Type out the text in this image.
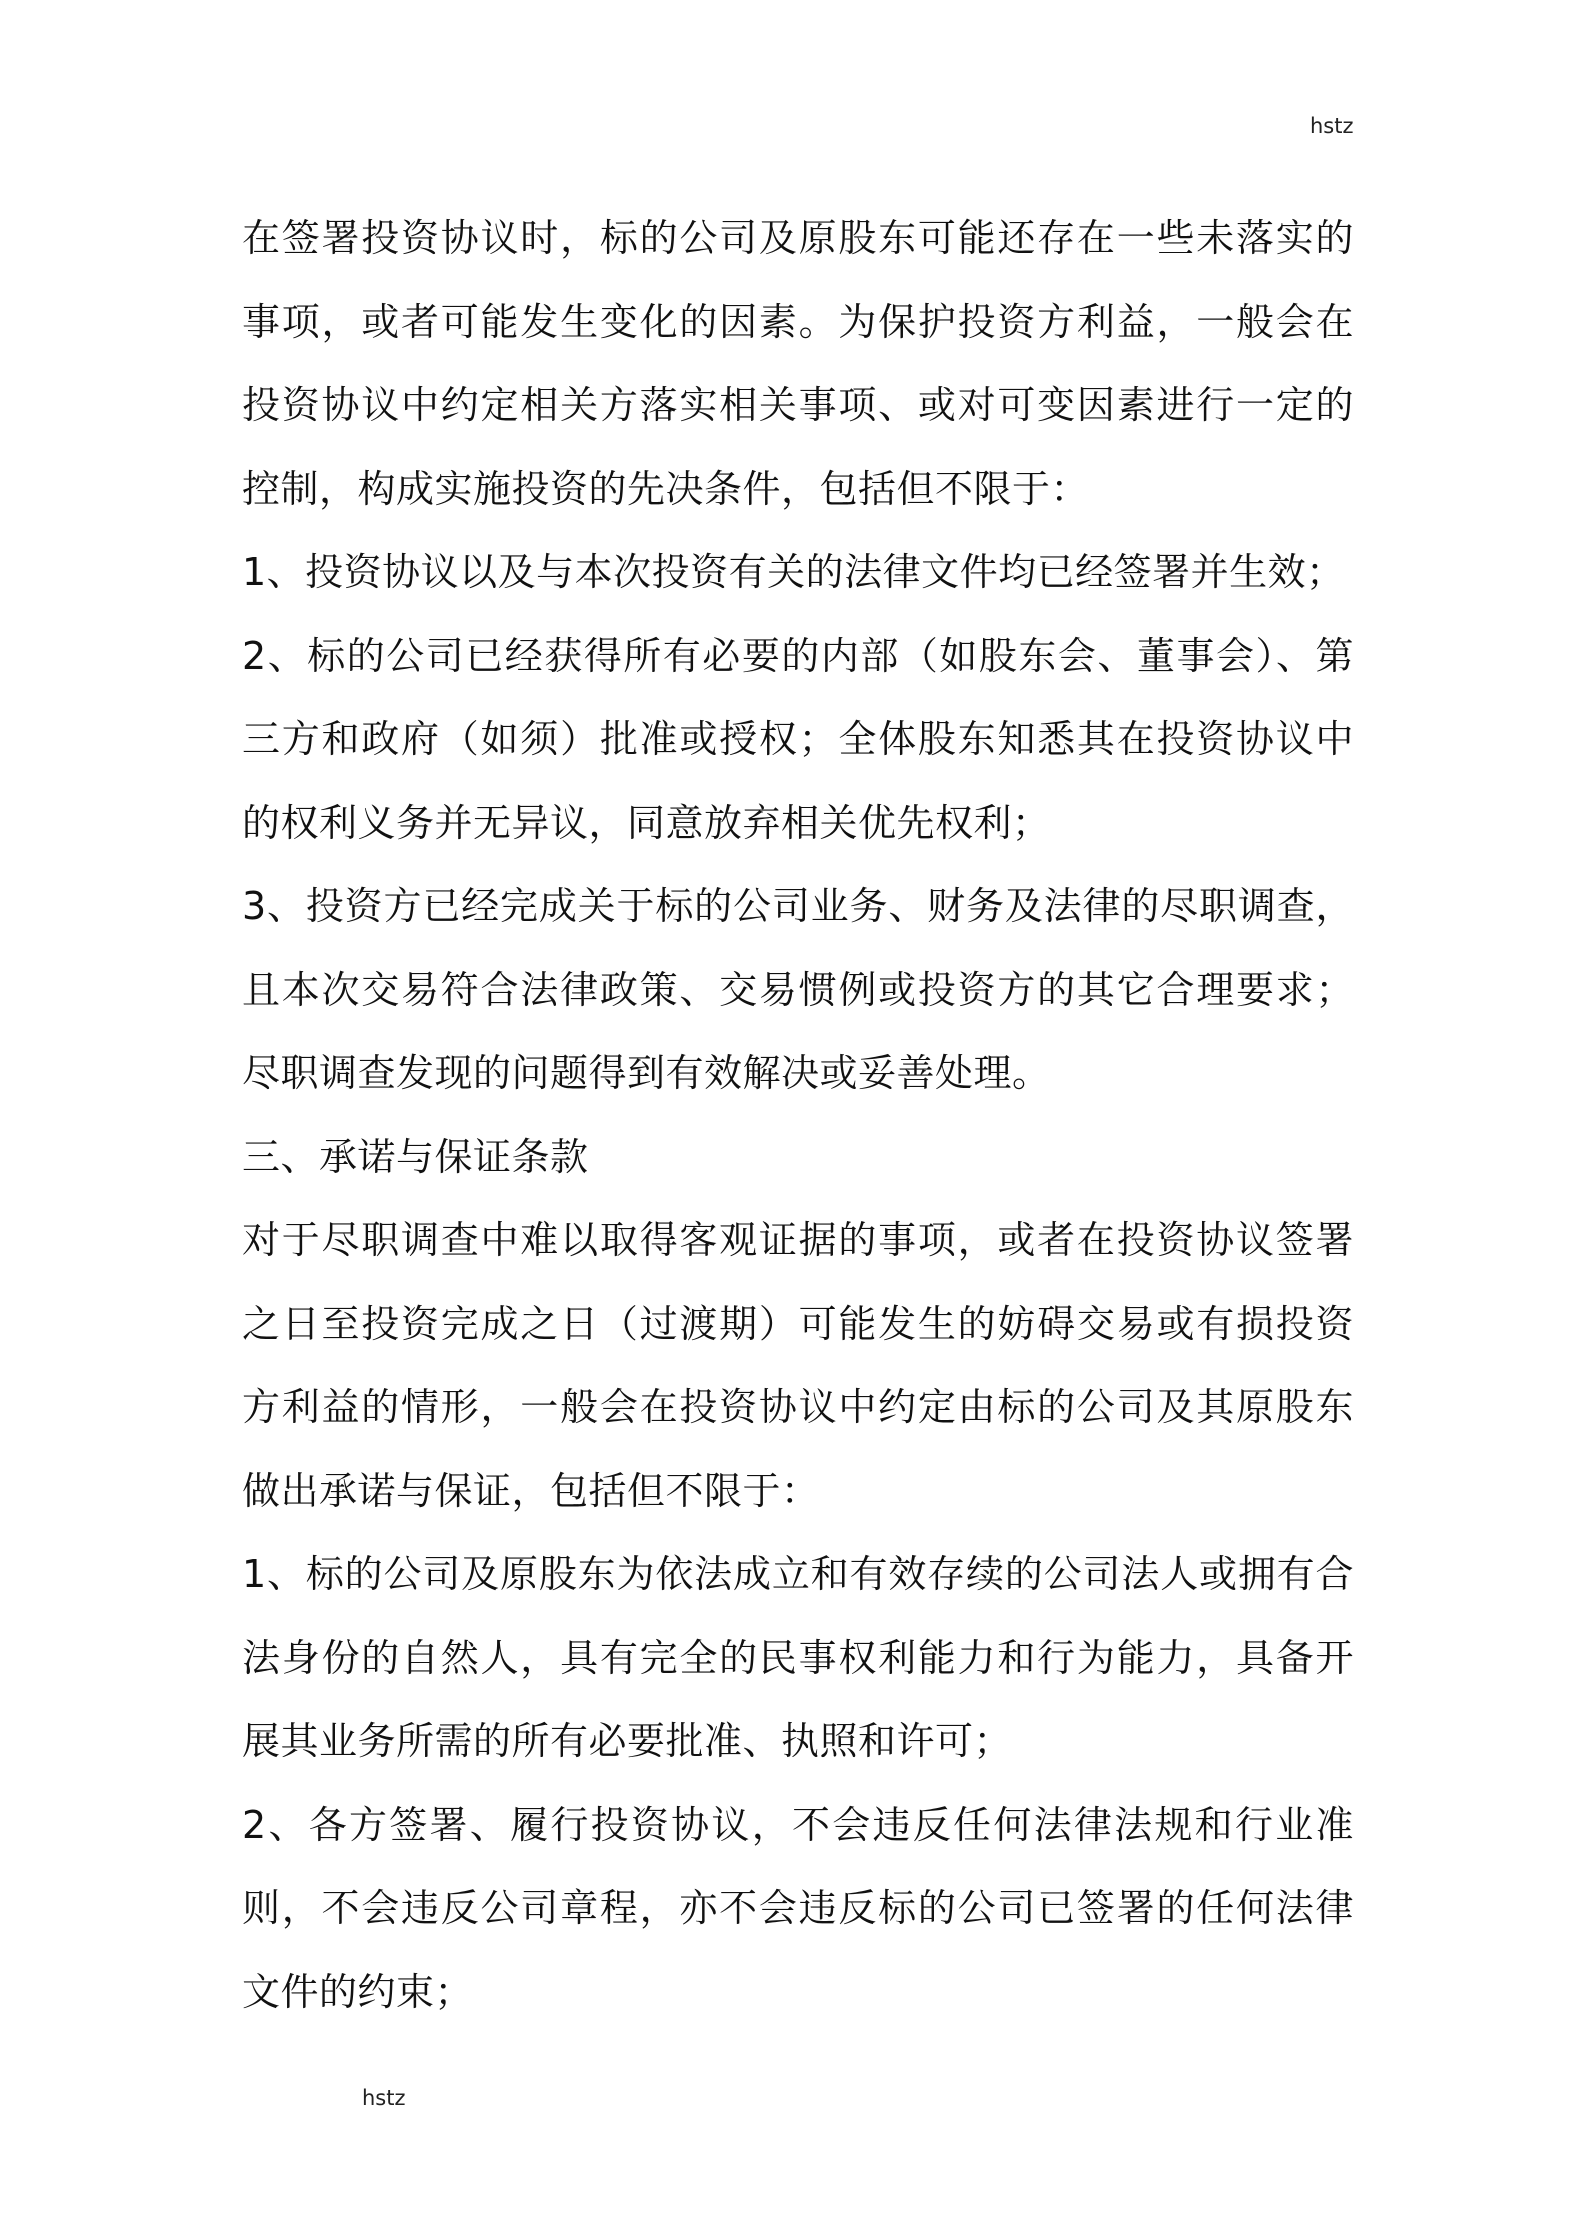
hstz

在签署投资协议时，标的公司及原股东可能还存在一些未落实的事项，或者可能发生变化的因素。为保护投资方利益，一般会在投资协议中约定相关方落实相关事项、或对可变因素进行一定的控制，构成实施投资的先决条件，包括但不限于：

1、投资协议以及与本次投资有关的法律文件均已经签署并生效；

2、标的公司已经获得所有必要的内部（如股东会、董事会）、第三方和政府（如须）批准或授权；全体股东知悉其在投资协议中的权利义务并无异议，同意放弃相关优先权利；

3、投资方已经完成关于标的公司业务、财务及法律的尽职调查，且本次交易符合法律政策、交易惯例或投资方的其它合理要求；尽职调查发现的问题得到有效解决或妥善处理。

三、承诺与保证条款

对于尽职调查中难以取得客观证据的事项，或者在投资协议签署之日至投资完成之日（过渡期）可能发生的妨碍交易或有损投资方利益的情形，一般会在投资协议中约定由标的公司及其原股东做出承诺与保证，包括但不限于：

1、标的公司及原股东为依法成立和有效存续的公司法人或拥有合法身份的自然人，具有完全的民事权利能力和行为能力，具备开展其业务所需的所有必要批准、执照和许可；

2、各方签署、履行投资协议，不会违反任何法律法规和行业准则，不会违反公司章程，亦不会违反标的公司已签署的任何法律文件的约束；

hstz
